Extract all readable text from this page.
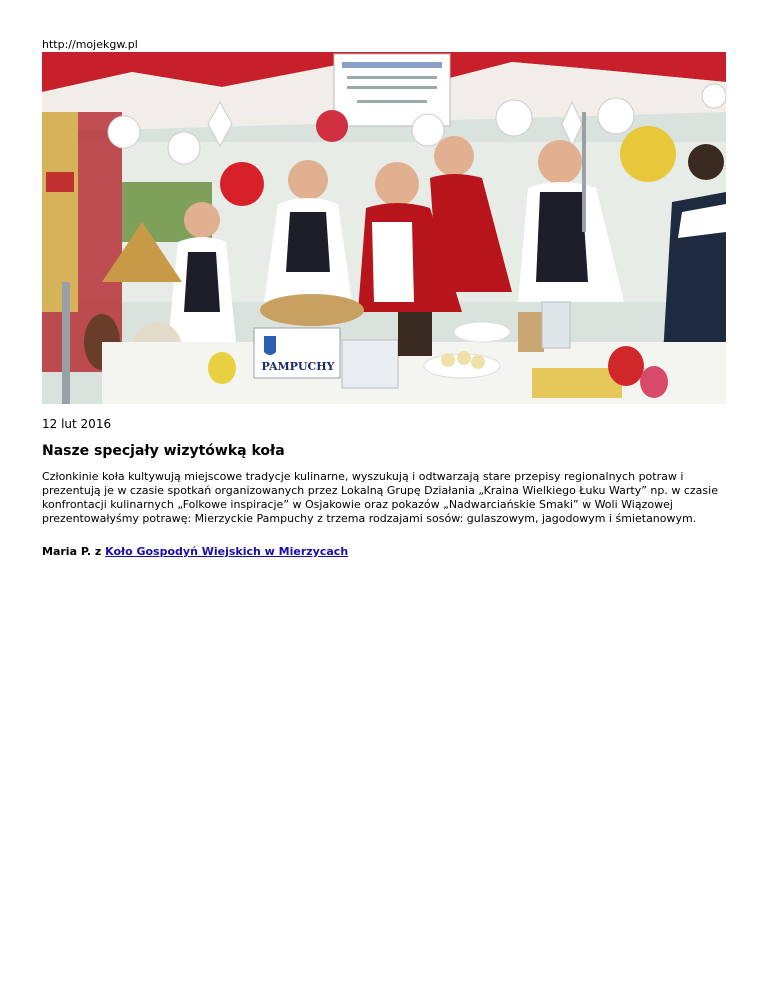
http://mojekgw.pl
PAMPUCHY
12 lut 2016
Nasze specjały wizytówką koła

Członkinie koła kultywują miejscowe tradycje kulinarne, wyszukują i odtwarzają stare przepisy regionalnych potraw i prezentują je w czasie spotkań organizowanych przez Lokalną Grupę Działania „Kraina Wielkiego Łuku Warty” np. w czasie konfrontacji kulinarnych „Folkowe inspiracje” w Osjakowie oraz pokazów „Nadwarciańskie Smaki” w Woli Wiązowej prezentowałyśmy potrawę: Mierzyckie Pampuchy z trzema rodzajami sosów: gulaszowym, jagodowym i śmietanowym.

Maria P. z Koło Gospodyń Wiejskich w Mierzycach
